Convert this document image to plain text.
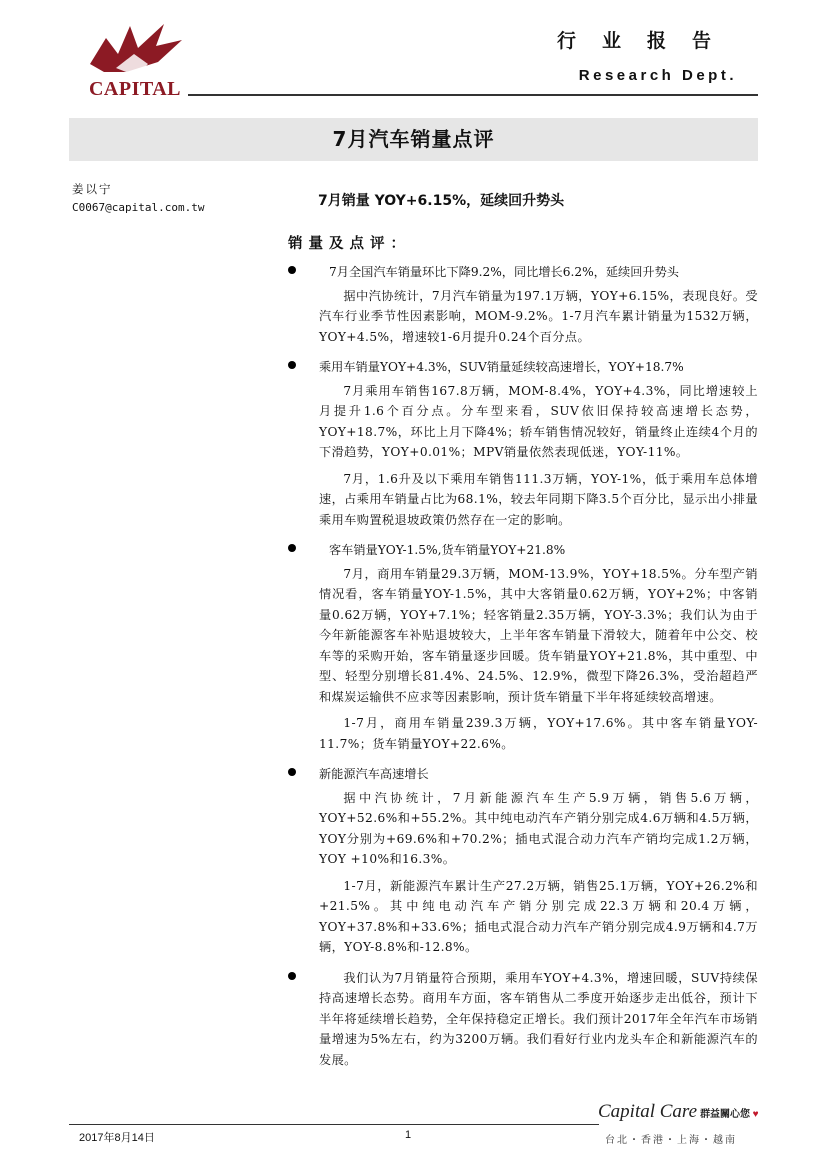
CAPITAL
行业报告
Research Dept.
7月汽车销量点评
姜以宁
C0067@capital.com.tw	7月销量 YOY+6.15%，延续回升势头
销量及点评：

7月全国汽车销量环比下降9.2%，同比增长6.2%，延续回升势头

据中汽协统计，7月汽车销量为197.1万辆，YOY+6.15%，表现良好。受汽车行业季节性因素影响，MOM-9.2%。1-7月汽车累计销量为1532万辆，YOY+4.5%，增速较1-6月提升0.24个百分点。

乘用车销量YOY+4.3%，SUV销量延续较高速增长，YOY+18.7%

7月乘用车销售167.8万辆，MOM-8.4%，YOY+4.3%，同比增速较上月提升1.6个百分点。分车型来看，SUV依旧保持较高速增长态势，YOY+18.7%，环比上月下降4%；轿车销售情况较好，销量终止连续4个月的下滑趋势，YOY+0.01%；MPV销量依然表现低迷，YOY-11%。

7月，1.6升及以下乘用车销售111.3万辆，YOY-1%，低于乘用车总体增速，占乘用车销量占比为68.1%，较去年同期下降3.5个百分比，显示出小排量乘用车购置税退坡政策仍然存在一定的影响。

客车销量YOY-1.5%,货车销量YOY+21.8%

7月，商用车销量29.3万辆，MOM-13.9%，YOY+18.5%。分车型产销情况看，客车销量YOY-1.5%，其中大客销量0.62万辆，YOY+2%；中客销量0.62万辆，YOY+7.1%；轻客销量2.35万辆，YOY-3.3%；我们认为由于今年新能源客车补贴退坡较大，上半年客车销量下滑较大，随着年中公交、校车等的采购开始，客车销量逐步回暖。货车销量YOY+21.8%，其中重型、中型、轻型分别增长81.4%、24.5%、12.9%，微型下降26.3%，受治超趋严和煤炭运输供不应求等因素影响，预计货车销量下半年将延续较高增速。

1-7月，商用车销量239.3万辆，YOY+17.6%。其中客车销量YOY-11.7%；货车销量YOY+22.6%。

新能源汽车高速增长

据中汽协统计，7月新能源汽车生产5.9万辆，销售5.6万辆，YOY+52.6%和+55.2%。其中纯电动汽车产销分别完成4.6万辆和4.5万辆，YOY分别为+69.6%和+70.2%；插电式混合动力汽车产销均完成1.2万辆，YOY +10%和16.3%。

1-7月，新能源汽车累计生产27.2万辆，销售25.1万辆，YOY+26.2%和+21.5%。其中纯电动汽车产销分别完成22.3万辆和20.4万辆，YOY+37.8%和+33.6%；插电式混合动力汽车产销分别完成4.9万辆和4.7万辆，YOY-8.8%和-12.8%。

我们认为7月销量符合预期，乘用车YOY+4.3%，增速回暖，SUV持续保持高速增长态势。商用车方面，客车销售从二季度开始逐步走出低谷，预计下半年将延续增长趋势，全年保持稳定正增长。我们预计2017年全年汽车市场销量增速为5%左右，约为3200万辆。我们看好行业内龙头车企和新能源汽车的发展。

2017年8月14日	1
Capital Care 群益關心您 ♥
台北・香港・上海・越南
